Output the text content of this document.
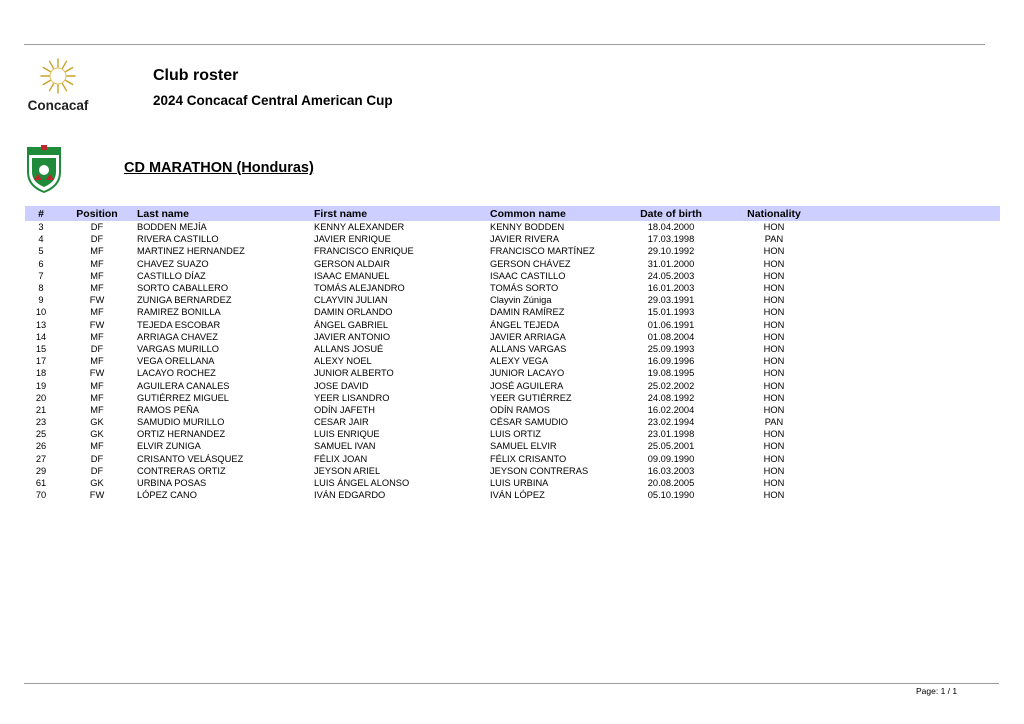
Concacaf
Club roster
2024 Concacaf Central American Cup
CD MARATHON (Honduras)
#	Position	Last name	First name	Common name	Date of birth	Nationality	
3	DF	BODDEN MEJÍA	KENNY ALEXANDER	KENNY BODDEN	18.04.2000	HON	
4	DF	RIVERA CASTILLO	JAVIER ENRIQUE	JAVIER RIVERA	17.03.1998	PAN	
5	MF	MARTINEZ HERNANDEZ	FRANCISCO ENRIQUE	FRANCISCO MARTÍNEZ	29.10.1992	HON	
6	MF	CHAVEZ SUAZO	GERSON ALDAIR	GERSON CHÁVEZ	31.01.2000	HON	
7	MF	CASTILLO DÍAZ	ISAAC EMANUEL	ISAAC CASTILLO	24.05.2003	HON	
8	MF	SORTO CABALLERO	TOMÁS ALEJANDRO	TOMÁS SORTO	16.01.2003	HON	
9	FW	ZUNIGA BERNARDEZ	CLAYVIN JULIAN	Clayvin Zúniga	29.03.1991	HON	
10	MF	RAMIREZ BONILLA	DAMIN ORLANDO	DAMIN RAMÍREZ	15.01.1993	HON	
13	FW	TEJEDA ESCOBAR	ÁNGEL GABRIEL	ÁNGEL TEJEDA	01.06.1991	HON	
14	MF	ARRIAGA CHAVEZ	JAVIER ANTONIO	JAVIER ARRIAGA	01.08.2004	HON	
15	DF	VARGAS MURILLO	ALLANS JOSUÉ	ALLANS VARGAS	25.09.1993	HON	
17	MF	VEGA ORELLANA	ALEXY NOEL	ALEXY VEGA	16.09.1996	HON	
18	FW	LACAYO ROCHEZ	JUNIOR ALBERTO	JUNIOR LACAYO	19.08.1995	HON	
19	MF	AGUILERA CANALES	JOSE DAVID	JOSÉ AGUILERA	25.02.2002	HON	
20	MF	GUTIÉRREZ MIGUEL	YEER LISANDRO	YEER GUTIÉRREZ	24.08.1992	HON	
21	MF	RAMOS PEÑA	ODÍN JAFETH	ODÍN RAMOS	16.02.2004	HON	
23	GK	SAMUDIO MURILLO	CESAR JAIR	CÉSAR SAMUDIO	23.02.1994	PAN	
25	GK	ORTIZ HERNANDEZ	LUIS ENRIQUE	LUIS ORTIZ	23.01.1998	HON	
26	MF	ELVIR ZUNIGA	SAMUEL IVAN	SAMUEL ELVIR	25.05.2001	HON	
27	DF	CRISANTO VELÁSQUEZ	FÉLIX JOAN	FÉLIX CRISANTO	09.09.1990	HON	
29	DF	CONTRERAS ORTIZ	JEYSON ARIEL	JEYSON CONTRERAS	16.03.2003	HON	
61	GK	URBINA POSAS	LUIS ÁNGEL ALONSO	LUIS URBINA	20.08.2005	HON	
70	FW	LÓPEZ CANO	IVÁN EDGARDO	IVÁN LÓPEZ	05.10.1990	HON	
Page: 1 / 1
